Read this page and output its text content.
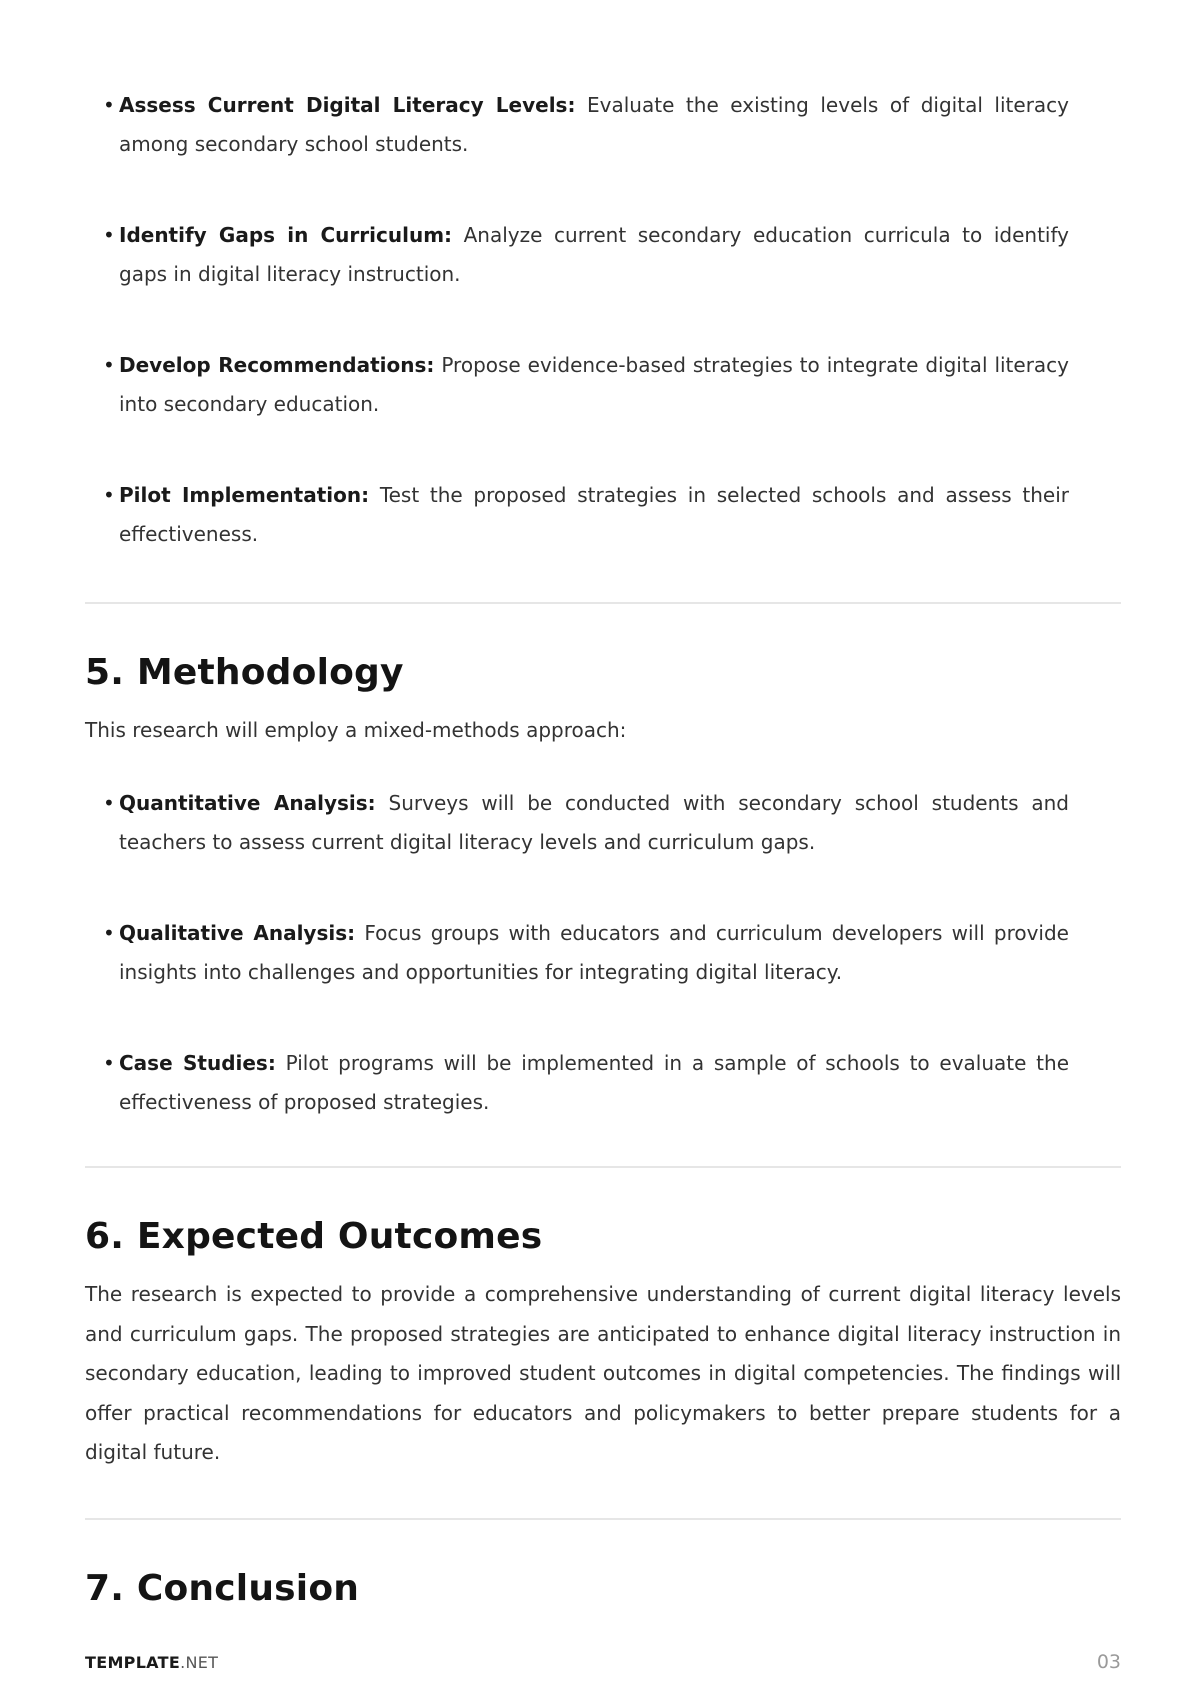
• Assess Current Digital Literacy Levels: Evaluate the existing levels of digital literacy among secondary school students.
• Identify Gaps in Curriculum: Analyze current secondary education curricula to identify gaps in digital literacy instruction.
• Develop Recommendations: Propose evidence-based strategies to integrate digital literacy into secondary education.
• Pilot Implementation: Test the proposed strategies in selected schools and assess their effectiveness.
5. Methodology

This research will employ a mixed-methods approach:

• Quantitative Analysis: Surveys will be conducted with secondary school students and teachers to assess current digital literacy levels and curriculum gaps.
• Qualitative Analysis: Focus groups with educators and curriculum developers will provide insights into challenges and opportunities for integrating digital literacy.
• Case Studies: Pilot programs will be implemented in a sample of schools to evaluate the effectiveness of proposed strategies.
6. Expected Outcomes

The research is expected to provide a comprehensive understanding of current digital literacy levels and curriculum gaps. The proposed strategies are anticipated to enhance digital literacy instruction in secondary education, leading to improved student outcomes in digital competencies. The findings will offer practical recommendations for educators and policymakers to better prepare students for a digital future.

7. Conclusion
TEMPLATE.NET	03
